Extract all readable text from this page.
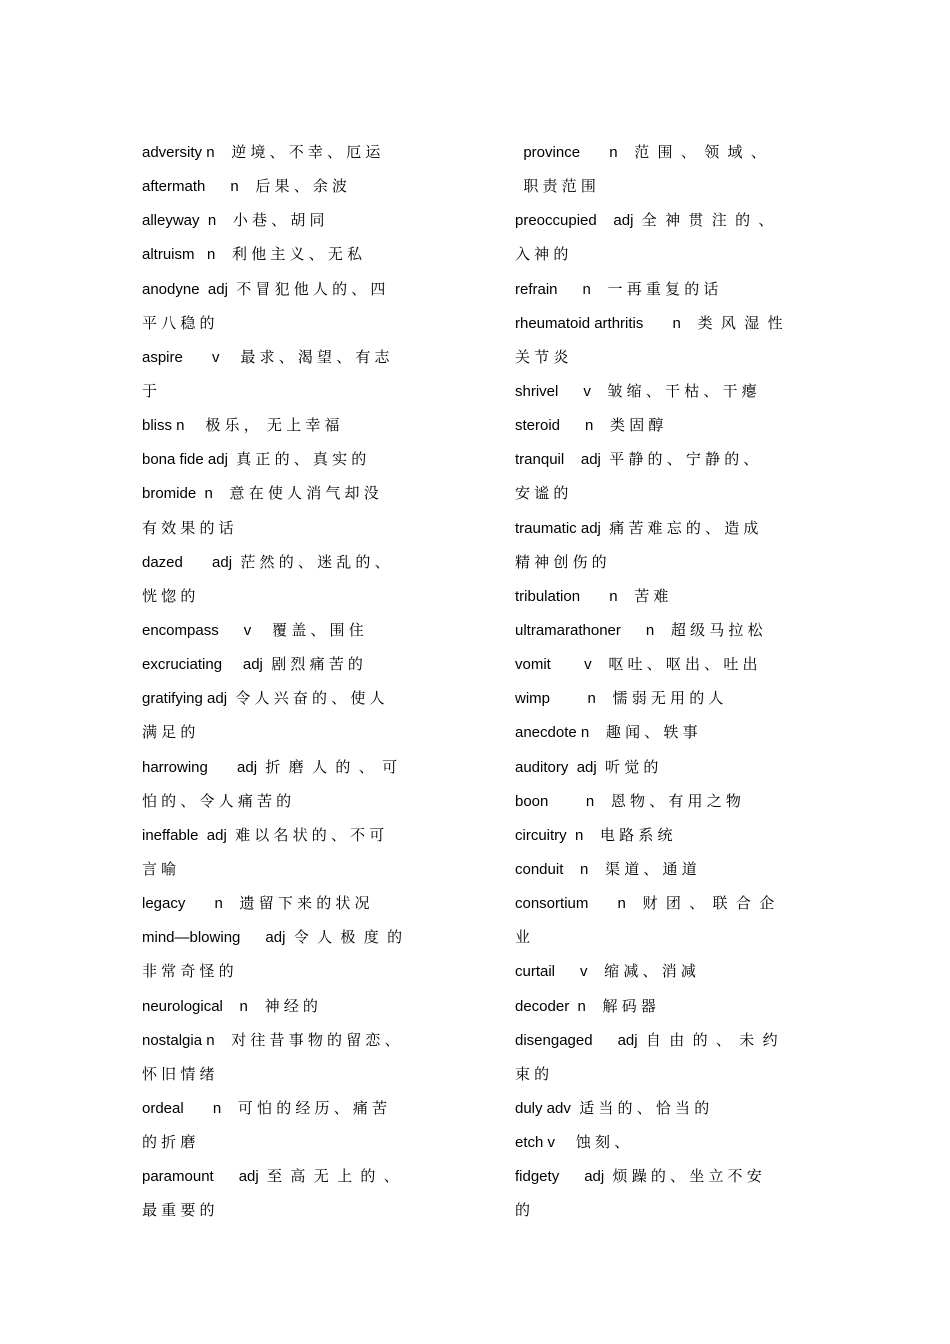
adversity n    逆 境 、 不 幸 、 厄 运
aftermath      n    后 果 、 余 波
alleyway  n    小 巷 、 胡 同
altruism   n    利 他 主 义 、 无 私
anodyne  adj  不 冒 犯 他 人 的 、 四
平 八 稳 的
aspire       v     最 求 、 渴 望 、 有 志
于
bliss n     极 乐 ，  无 上 幸 福
bona fide adj  真 正 的 、 真 实 的
bromide  n    意 在 使 人 消 气 却 没
有 效 果 的 话
dazed       adj  茫 然 的 、 迷 乱 的 、
恍 惚 的
encompass      v     覆 盖 、 围 住
excruciating     adj  剧 烈 痛 苦 的
gratifying adj  令 人 兴 奋 的 、 使 人
满 足 的
harrowing       adj  折  磨  人  的  、  可
怕 的 、 令 人 痛 苦 的
ineffable  adj  难 以 名 状 的 、 不 可
言 喻
legacy       n    遗 留 下 来 的 状 况
mind—blowing      adj  令  人  极  度  的
非 常 奇 怪 的
neurological    n    神 经 的
nostalgia n    对 往 昔 事 物 的 留 恋 、
怀 旧 情 绪
ordeal       n    可 怕 的 经 历 、 痛 苦
的 折 磨
paramount      adj  至  高  无  上  的  、
最 重 要 的
province       n    范  围  、  领  域  、
职 责 范 围
preoccupied    adj  全  神  贯  注  的  、
入 神 的
refrain      n    一 再 重 复 的 话
rheumatoid arthritis       n    类  风  湿  性
关 节 炎
shrivel      v    皱 缩 、 干 枯 、 干 瘪
steroid      n    类 固 醇
tranquil    adj  平 静 的 、 宁 静 的 、
安 谧 的
traumatic adj  痛 苦 难 忘 的 、 造 成
精 神 创 伤 的
tribulation       n    苦 难
ultramarathoner      n    超 级 马 拉 松
vomit        v    呕 吐 、 呕 出 、 吐 出
wimp         n    懦 弱 无 用 的 人
anecdote n    趣 闻 、 轶 事
auditory  adj  听 觉 的
boon         n    恩 物 、 有 用 之 物
circuitry  n    电 路 系 统
conduit    n    渠 道 、 通 道
consortium       n    财  团  、  联  合  企
业
curtail      v    缩 减 、 消 减
decoder  n    解 码 器
disengaged      adj  自  由  的  、  未  约
束 的
duly adv  适 当 的 、 恰 当 的
etch v     蚀 刻 、
fidgety      adj  烦 躁 的 、 坐 立 不 安
的
